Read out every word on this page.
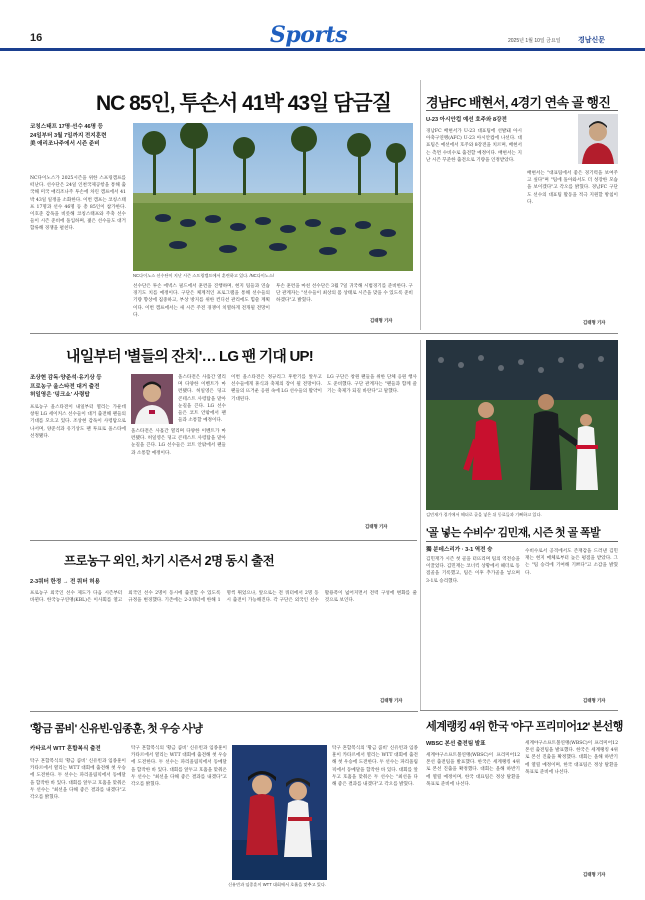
16	Sports	2025년 1월 10일 금요일 경남신문
NC 85인, 투손서 41박 43일 담금질
코칭스태프 17명·선수 46명 등
24일부터 3월 7일까지 전지훈련
美 애리조나주에서 시즌 준비
NC다이노스가 2025시즌을 위한 스프링캠프를 떠난다. 선수단은 24일 인천국제공항을 통해 출국해 미국 애리조나주 투손에 차린 캠프에서 41박 43일 일정을 소화한다. 이번 캠프는 코칭스태프 17명과 선수 46명 등 총 85인이 참가한다. 이호준 감독을 비롯해 코칭스태프와 주축 선수들이 시즌 준비에 돌입하며, 젊은 선수들도 대거 합류해 경쟁을 펼친다.
NC다이노스 선수단이 지난 시즌 스프링캠프에서 훈련하고 있다. /NC다이노스/
선수단은 투손 에넥스 필드에서 훈련을 진행하며, 현지 팀들과 연습경기도 치를 예정이다. 구단은 체계적인 프로그램을 통해 선수들의 기량 향상에 집중하고, 부상 방지를 위한 컨디션 관리에도 힘쓸 계획이다. 이번 캠프에서는 새 시즌 주전 경쟁이 치열하게 전개될 전망이다.
투손 훈련을 마친 선수단은 3월 7일 귀국해 시범경기를 준비한다. 구단 관계자는 "선수들이 최상의 몸 상태로 시즌을 맞을 수 있도록 준비하겠다"고 밝혔다.
김태형 기자
경남FC 배현서, 4경기 연속 골 행진
U-23 아시안컵 예선 호주와 8강전
경남FC 배현서가 U-23 대표팀에 선발돼 아시아축구연맹(AFC) U-23 아시안컵에 나선다. 대표팀은 예선에서 호주와 8강전을 치르며, 배현서는 측면 수비수로 출전할 예정이다. 배현서는 지난 시즌 꾸준한 출전으로 기량을 인정받았다.
배현서는 "대표팀에서 좋은 경기력을 보여주고 싶다"며 "팀에 돌아와서도 더 성장한 모습을 보이겠다"고 각오를 밝혔다. 경남FC 구단도 선수의 대표팀 활동을 적극 지원할 방침이다.
김태형 기자
내일부터 '별들의 잔치'… LG 팬 기대 UP!
조상현 감독·양준석·유기상 등
프로농구 올스타전 대거 출전
허일영은 '덩크쇼' 사령탑
프로농구 올스타전이 내일부터 열리는 가운데 창원 LG 세이커스 선수들이 대거 출전해 팬들의 기대를 모으고 있다. 조상현 감독이 사령탑으로 나서며, 양준석과 유기상도 팬 투표로 올스타에 선정됐다.
올스타전은 사흘간 열리며 다양한 이벤트가 마련됐다. 허일영은 덩크 콘테스트 사령탑을 맡아 눈길을 끈다. LG 선수들은 코트 안팎에서 팬들과 소통할 예정이다.
올스타전은 사흘간 열리며 다양한 이벤트가 마련됐다. 허일영은 덩크 콘테스트 사령탑을 맡아 눈길을 끈다. LG 선수들은 코트 안팎에서 팬들과 소통할 예정이다.
이번 올스타전은 정규리그 후반기를 앞두고 선수들에게 휴식과 축제의 장이 될 전망이다. 팬들의 뜨거운 응원 속에 LG 선수들의 활약이 기대된다.
LG 구단은 창원 팬들을 위한 단체 응원 행사도 준비했다. 구단 관계자는 "팬들과 함께 즐기는 축제가 되길 바란다"고 말했다.
김태형 기자
김민재가 경기에서 헤더로 골을 넣은 뒤 동료들과 기뻐하고 있다.
'골 넣는 수비수' 김민재, 시즌 첫 골 폭발
獨 분데스리가 · 3-1 역전 승
김민재가 시즌 첫 골을 터뜨리며 팀의 역전승을 이끌었다. 김민재는 코너킥 상황에서 헤더로 동점골을 기록했고, 팀은 이후 추가골을 넣으며 3-1로 승리했다.
수비수로서 공격에서도 존재감을 드러낸 김민재는 현지 매체로부터 높은 평점을 받았다. 그는 "팀 승리에 기여해 기쁘다"고 소감을 밝혔다.
김태형 기자
프로농구 외인, 차기 시즌서 2명 동시 출전
2-3쿼터 한정 → 전 쿼터 허용
프로농구 외국인 선수 제도가 다음 시즌부터 바뀐다. 한국농구연맹(KBL)은 이사회를 열고 외국인 선수 2명이 동시에 출전할 수 있도록 규정을 변경했다. 기존에는 2-3쿼터에 한해 1명씩 뛰었으나, 앞으로는 전 쿼터에서 2명 동시 출전이 가능해진다. 각 구단은 외국인 선수 활용폭이 넓어지면서 전력 구성에 변화를 줄 것으로 보인다.
김태형 기자
'황금 콤비' 신유빈-임종훈, 첫 우승 사냥
카타르서 WTT 혼합복식 출전
탁구 혼합복식의 '황금 콤비' 신유빈과 임종훈이 카타르에서 열리는 WTT 대회에 출전해 첫 우승에 도전한다. 두 선수는 파리올림픽에서 동메달을 합작한 바 있다. 대회를 앞두고 호흡을 맞춰온 두 선수는 "최선을 다해 좋은 결과를 내겠다"고 각오를 밝혔다.
탁구 혼합복식의 '황금 콤비' 신유빈과 임종훈이 카타르에서 열리는 WTT 대회에 출전해 첫 우승에 도전한다. 두 선수는 파리올림픽에서 동메달을 합작한 바 있다. 대회를 앞두고 호흡을 맞춰온 두 선수는 "최선을 다해 좋은 결과를 내겠다"고 각오를 밝혔다.
신유빈과 임종훈이 WTT 대회에서 호흡을 맞추고 있다.
탁구 혼합복식의 '황금 콤비' 신유빈과 임종훈이 카타르에서 열리는 WTT 대회에 출전해 첫 우승에 도전한다. 두 선수는 파리올림픽에서 동메달을 합작한 바 있다. 대회를 앞두고 호흡을 맞춰온 두 선수는 "최선을 다해 좋은 결과를 내겠다"고 각오를 밝혔다.
세계랭킹 4위 한국 '야구 프리미어12' 본선행
WBSC 본선 출전팀 발표
세계야구소프트볼연맹(WBSC)이 프리미어12 본선 출전팀을 발표했다. 한국은 세계랭킹 4위로 본선 진출을 확정했다. 대회는 올해 하반기에 열릴 예정이며, 한국 대표팀은 정상 탈환을 목표로 준비에 나선다.
세계야구소프트볼연맹(WBSC)이 프리미어12 본선 출전팀을 발표했다. 한국은 세계랭킹 4위로 본선 진출을 확정했다. 대회는 올해 하반기에 열릴 예정이며, 한국 대표팀은 정상 탈환을 목표로 준비에 나선다.
김태형 기자
